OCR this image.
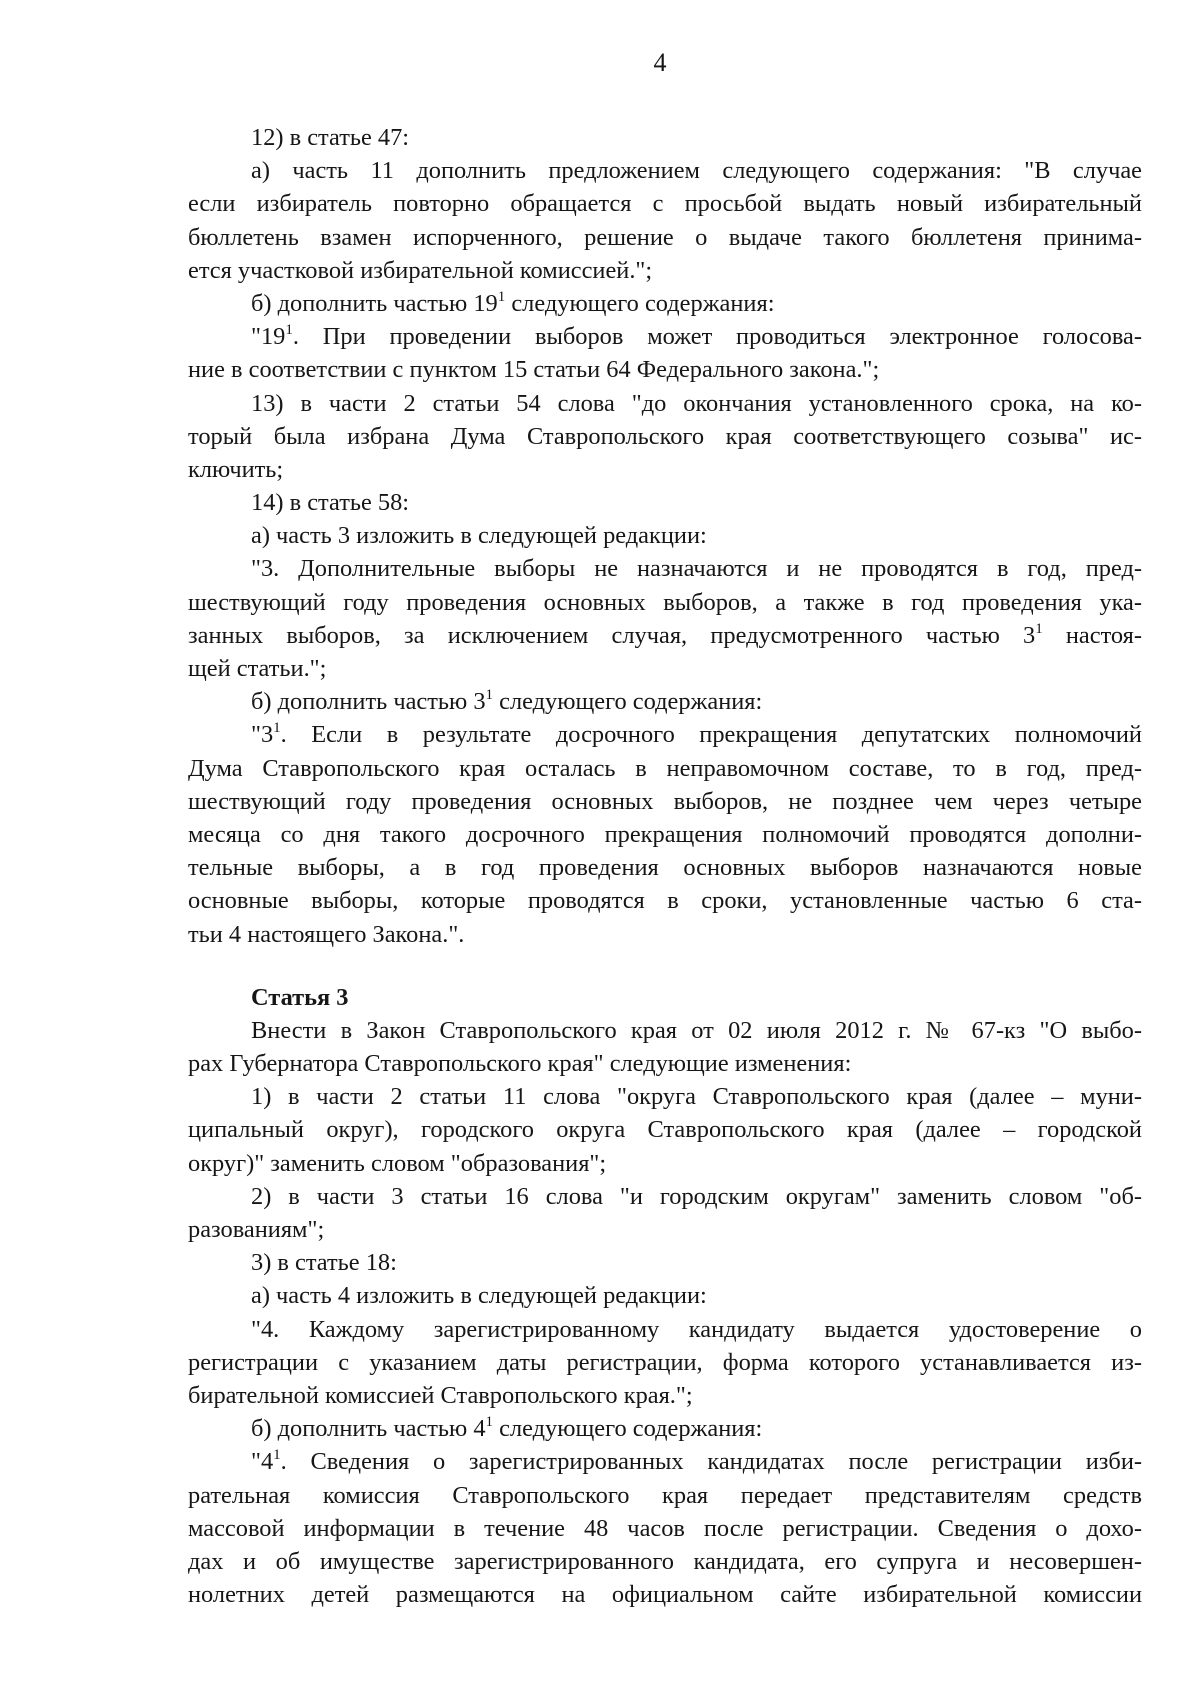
4
12) в статье 47:
а) часть 11 дополнить предложением следующего содержания: "В случае
если избиратель повторно обращается с просьбой выдать новый избирательный
бюллетень взамен испорченного, решение о выдаче такого бюллетеня принима-
ется участковой избирательной комиссией.";
б) дополнить частью $19^1$ следующего содержания:
"$19^1$. При проведении выборов может проводиться электронное голосова-
ние в соответствии с пунктом 15 статьи 64 Федерального закона.";
13) в части 2 статьи 54 слова "до окончания установленного срока, на ко-
торый была избрана Дума Ставропольского края соответствующего созыва" ис-
ключить;
14) в статье 58:
а) часть 3 изложить в следующей редакции:
"3. Дополнительные выборы не назначаются и не проводятся в год, пред-
шествующий году проведения основных выборов, а также в год проведения ука-
занных выборов, за исключением случая, предусмотренного частью $3^1$ настоя-
щей статьи.";
б) дополнить частью $3^1$ следующего содержания:
"$3^1$. Если в результате досрочного прекращения депутатских полномочий
Дума Ставропольского края осталась в неправомочном составе, то в год, пред-
шествующий году проведения основных выборов, не позднее чем через четыре
месяца со дня такого досрочного прекращения полномочий проводятся дополни-
тельные выборы, а в год проведения основных выборов назначаются новые
основные выборы, которые проводятся в сроки, установленные частью 6 ста-
тьи 4 настоящего Закона.".
Статья 3
Внести в Закон Ставропольского края от 02 июля 2012 г. № 67-кз "О выбо-
рах Губернатора Ставропольского края" следующие изменения:
1) в части 2 статьи 11 слова "округа Ставропольского края (далее – муни-
ципальный округ), городского округа Ставропольского края (далее – городской
округ)" заменить словом "образования";
2) в части 3 статьи 16 слова "и городским округам" заменить словом "об-
разованиям";
3) в статье 18:
а) часть 4 изложить в следующей редакции:
"4. Каждому зарегистрированному кандидату выдается удостоверение о
регистрации с указанием даты регистрации, форма которого устанавливается из-
бирательной комиссией Ставропольского края.";
б) дополнить частью $4^1$ следующего содержания:
"$4^1$. Сведения о зарегистрированных кандидатах после регистрации изби-
рательная комиссия Ставропольского края передает представителям средств
массовой информации в течение 48 часов после регистрации. Сведения о дохо-
дах и об имуществе зарегистрированного кандидата, его супруга и несовершен-
нолетних детей размещаются на официальном сайте избирательной комиссии
